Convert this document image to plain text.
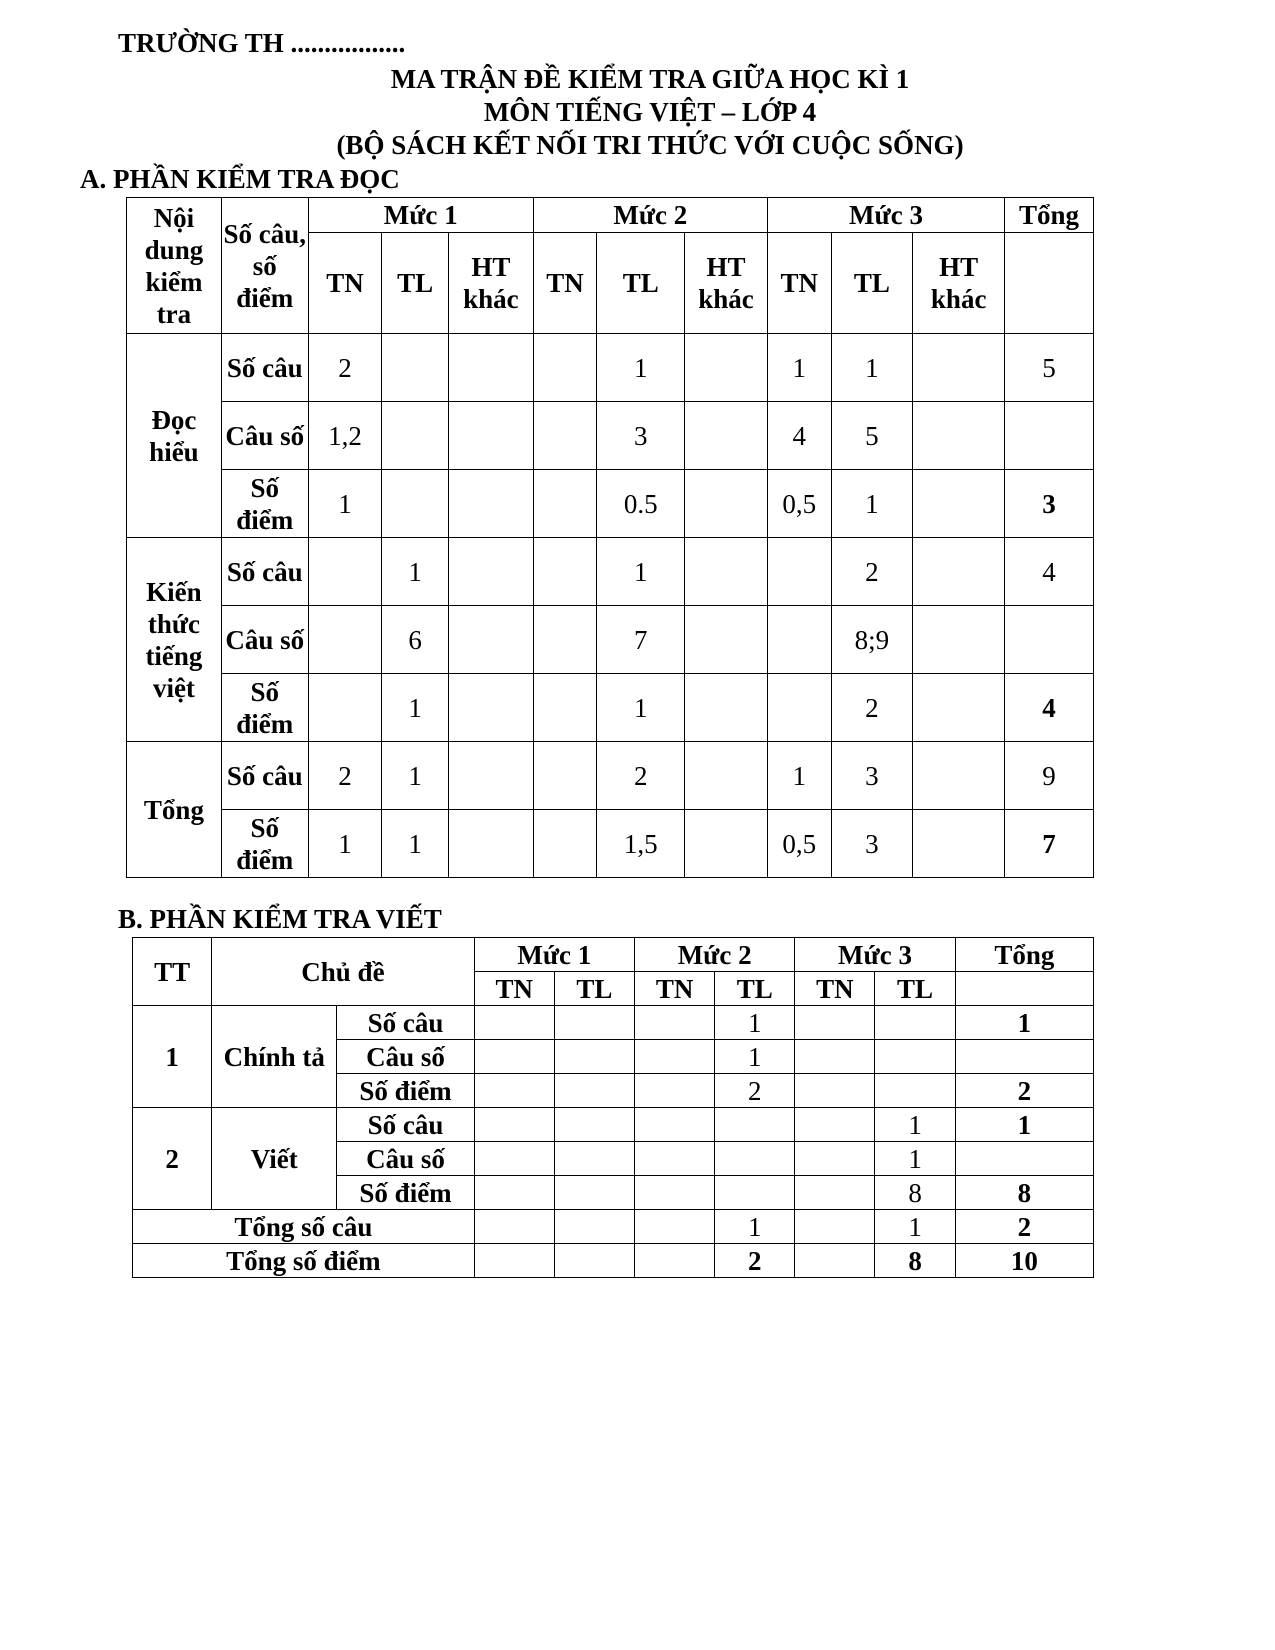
TRƯỜNG TH .................
MA TRẬN ĐỀ KIỂM TRA GIỮA HỌC KÌ 1
MÔN TIẾNG VIỆT – LỚP 4
(BỘ SÁCH KẾT NỐI TRI THỨC VỚI CUỘC SỐNG)
A. PHẦN KIỂM TRA ĐỌC
Nội dung kiểm tra	Số câu, số điểm	Mức 1			Mức 2			Mức 3			Tổng
		TN	TL	HT khác	TN	TL	HT khác	TN	TL	HT khác	
Đọc hiểu	Số câu	2				1		1	1		5
	Câu số	1,2				3		4	5		
	Số điểm	1				0.5		0,5	1		3
Kiến thức tiếng việt	Số câu		1			1			2		4
	Câu số		6			7			8;9		
	Số điểm		1			1			2		4
Tổng	Số câu	2	1			2		1	3		9
	Số điểm	1	1			1,5		0,5	3		7
B. PHẦN KIỂM TRA VIẾT
TT	Chủ đề		Mức 1		Mức 2		Mức 3		Tổng
			TN	TL	TN	TL	TN	TL	
1	Chính tả	Số câu				1			1
		Câu số				1			
		Số điểm				2			2
2	Viết	Số câu						1	1
		Câu số						1	
		Số điểm						8	8
Tổng số câu						1		1	2
Tổng số điểm						2		8	10
